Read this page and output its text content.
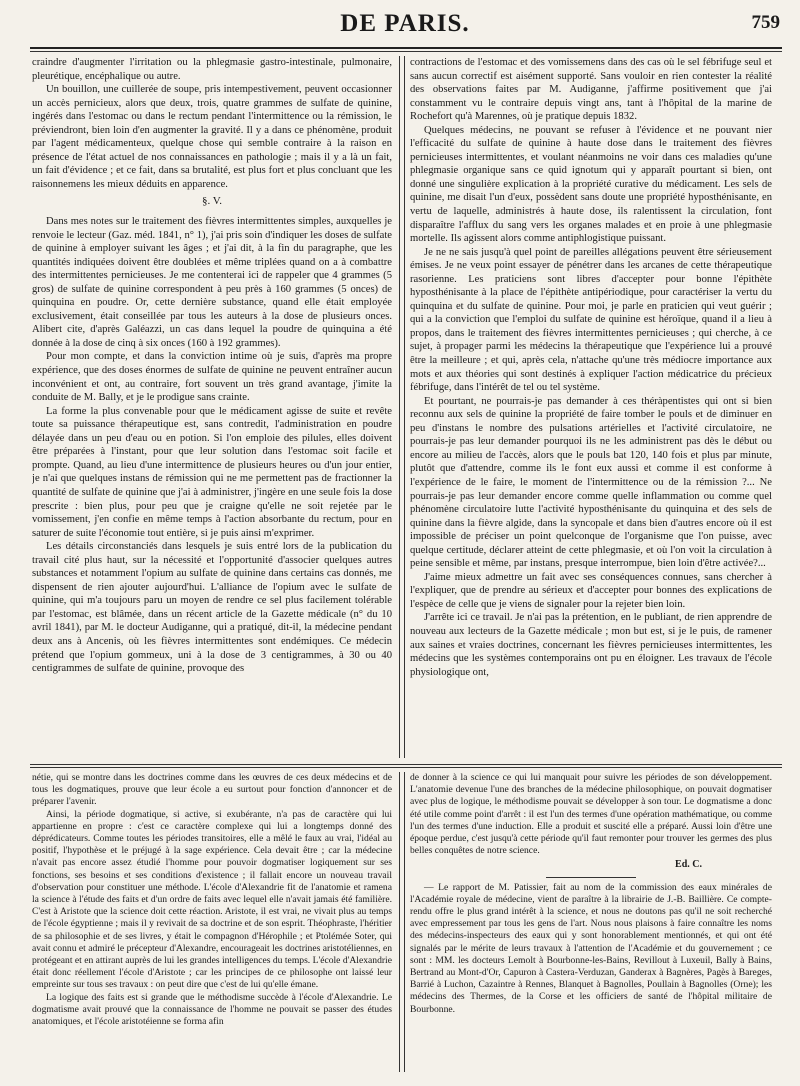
DE PARIS.	759

craindre d'augmenter l'irritation ou la phlegmasie gastro-intestinale, pulmonaire, pleurétique, encéphalique ou autre.

Un bouillon, une cuillerée de soupe, pris intempestivement, peuvent occasionner un accès pernicieux, alors que deux, trois, quatre grammes de sulfate de quinine, ingérés dans l'estomac ou dans le rectum pendant l'intermittence ou la rémission, le préviendront, bien loin d'en augmenter la gravité. Il y a dans ce phénomène, produit par l'agent médicamenteux, quelque chose qui semble contraire à la raison en présence de l'état actuel de nos connaissances en pathologie ; mais il y a là un fait, un fait d'évidence ; et ce fait, dans sa brutalité, est plus fort et plus concluant que les raisonnemens les mieux déduits en apparence.

§. V.

Dans mes notes sur le traitement des fièvres intermittentes simples, auxquelles je renvoie le lecteur (Gaz. méd. 1841, n° 1), j'ai pris soin d'indiquer les doses de sulfate de quinine à employer suivant les âges ; et j'ai dit, à la fin du paragraphe, que les quantités indiquées doivent être doublées et même triplées quand on a à combattre des intermittentes pernicieuses. Je me contenterai ici de rappeler que 4 grammes (5 gros) de sulfate de quinine correspondent à peu près à 160 grammes (5 onces) de quinquina en poudre. Or, cette dernière substance, quand elle était employée exclusivement, était conseillée par tous les auteurs à la dose de plusieurs onces. Alibert cite, d'après Galéazzi, un cas dans lequel la poudre de quinquina a été donnée à la dose de cinq à six onces (160 à 192 grammes).

Pour mon compte, et dans la conviction intime où je suis, d'après ma propre expérience, que des doses énormes de sulfate de quinine ne peuvent entraîner aucun inconvénient et ont, au contraire, fort souvent un très grand avantage, j'imite la conduite de M. Bally, et je le prodigue sans crainte.

La forme la plus convenable pour que le médicament agisse de suite et revête toute sa puissance thérapeutique est, sans contredit, l'administration en poudre délayée dans un peu d'eau ou en potion. Si l'on emploie des pilules, elles doivent être préparées à l'instant, pour que leur solution dans l'estomac soit facile et prompte. Quand, au lieu d'une intermittence de plusieurs heures ou d'un jour entier, je n'ai que quelques instans de rémission qui ne me permettent pas de fractionner la quantité de sulfate de quinine que j'ai à administrer, j'ingère en une seule fois la dose prescrite : bien plus, pour peu que je craigne qu'elle ne soit rejetée par le vomissement, j'en confie en même temps à l'action absorbante du rectum, pour en saturer de suite l'économie tout entière, si je puis ainsi m'exprimer.

Les détails circonstanciés dans lesquels je suis entré lors de la publication du travail cité plus haut, sur la nécessité et l'opportunité d'associer quelques autres substances et notamment l'opium au sulfate de quinine dans certains cas donnés, me dispensent de rien ajouter aujourd'hui. L'alliance de l'opium avec le sulfate de quinine, qui m'a toujours paru un moyen de rendre ce sel plus facilement tolérable par l'estomac, est blâmée, dans un récent article de la Gazette médicale (n° du 10 avril 1841), par M. le docteur Audiganne, qui a pratiqué, dit-il, la médecine pendant deux ans à Ancenis, où les fièvres intermittentes sont endémiques. Ce médecin prétend que l'opium gommeux, uni à la dose de 3 centigrammes, à 30 ou 40 centigrammes de sulfate de quinine, provoque des

contractions de l'estomac et des vomissemens dans des cas où le sel fébrifuge seul et sans aucun correctif est aisément supporté. Sans vouloir en rien contester la réalité des observations faites par M. Audiganne, j'affirme positivement que j'ai constamment vu le contraire depuis vingt ans, tant à l'hôpital de la marine de Rochefort qu'à Marennes, où je pratique depuis 1832.

Quelques médecins, ne pouvant se refuser à l'évidence et ne pouvant nier l'efficacité du sulfate de quinine à haute dose dans le traitement des fièvres pernicieuses intermittentes, et voulant néanmoins ne voir dans ces maladies qu'une phlegmasie organique sans ce quid ignotum qui y apparaît pourtant si bien, ont donné une singulière explication à la propriété curative du médicament. Les sels de quinine, me disait l'un d'eux, possèdent sans doute une propriété hyposthénisante, en vertu de laquelle, administrés à haute dose, ils ralentissent la circulation, font disparaître l'afflux du sang vers les organes malades et en proie à une phlegmasie mortelle. Ils agissent alors comme antiphlogistique puissant.

Je ne ne sais jusqu'à quel point de pareilles allégations peuvent être sérieusement émises. Je ne veux point essayer de pénétrer dans les arcanes de cette thérapeutique rasorienne. Les praticiens sont libres d'accepter pour bonne l'épithète hyposthénisante à la place de l'épithète antipériodique, pour caractériser la vertu du quinquina et du sulfate de quinine. Pour moi, je parle en praticien qui veut guérir ; qui a la conviction que l'emploi du sulfate de quinine est héroïque, quand il a lieu à propos, dans le traitement des fièvres intermittentes pernicieuses ; qui cherche, à ce sujet, à propager parmi les médecins la thérapeutique que l'expérience lui a prouvé être la meilleure ; et qui, après cela, n'attache qu'une très médiocre importance aux mots et aux théories qui sont destinés à expliquer l'action médicatrice du précieux fébrifuge, dans l'intérêt de tel ou tel système.

Et pourtant, ne pourrais-je pas demander à ces théràpentistes qui ont si bien reconnu aux sels de quinine la propriété de faire tomber le pouls et de diminuer en peu d'instans le nombre des pulsations artérielles et l'activité circulatoire, ne pourrais-je pas leur demander pourquoi ils ne les administrent pas dès le début ou encore au milieu de l'accès, alors que le pouls bat 120, 140 fois et plus par minute, plutôt que d'attendre, comme ils le font eux aussi et comme il est conforme à l'expérience de le faire, le moment de l'intermittence ou de la rémission ?... Ne pourrais-je pas leur demander encore comme quelle inflammation ou comme quel phénomène circulatoire lutte l'activité hyposthénisante du quinquina et des sels de quinine dans la fièvre algide, dans la syncopale et dans bien d'autres encore où il est impossible de préciser un point quelconque de l'organisme que l'on puisse, avec quelque certitude, déclarer atteint de cette phlegmasie, et où l'on voit la circulation à peine sensible et même, par instans, presque interrompue, bien loin d'être activée?...

J'aime mieux admettre un fait avec ses conséquences connues, sans chercher à l'expliquer, que de prendre au sérieux et d'accepter pour bonnes des explications de l'espèce de celle que je viens de signaler pour la rejeter bien loin.

J'arrête ici ce travail. Je n'ai pas la prétention, en le publiant, de rien apprendre de nouveau aux lecteurs de la Gazette médicale ; mon but est, si je le puis, de ramener aux saines et vraies doctrines, concernant les fièvres pernicieuses intermittentes, les médecins que les systèmes contemporains ont pu en éloigner. Les travaux de l'école physiologique ont,

nétie, qui se montre dans les doctrines comme dans les œuvres de ces deux médecins et de tous les dogmatiques, prouve que leur école a eu surtout pour fonction d'annoncer et de préparer l'avenir.

Ainsi, la période dogmatique, si active, si exubérante, n'a pas de caractère qui lui appartienne en propre : c'est ce caractère complexe qui lui a longtemps donné des déprédicateurs. Comme toutes les périodes transitoires, elle a mêlé le faux au vrai, l'idéal au positif, l'hypothèse et le préjugé à la sage expérience. Cela devait être ; car la médecine n'avait pas encore assez étudié l'homme pour pouvoir dogmatiser logiquement sur ses fonctions, ses besoins et ses conditions d'existence ; il fallait encore un nouveau travail d'observation pour constituer une méthode. L'école d'Alexandrie fit de l'anatomie et ramena la science à l'étude des faits et d'un ordre de faits avec lequel elle n'avait jamais été familière. C'est à Aristote que la science doit cette réaction. Aristote, il est vrai, ne vivait plus au temps de l'école égyptienne ; mais il y revivait de sa doctrine et de son esprit. Théophraste, l'héritier de sa philosophie et de ses livres, y était le compagnon d'Hérophile ; et Ptolémée Soter, qui avait connu et admiré le précepteur d'Alexandre, encourageait les doctrines aristotéliennes, en protégeant et en attirant auprès de lui les grandes intelligences du temps. L'école d'Alexandrie était donc réellement l'école d'Aristote ; car les principes de ce philosophe ont laissé leur empreinte sur tous ses travaux : on peut dire que c'est de lui qu'elle émane.

La logique des faits est si grande que le méthodisme succède à l'école d'Alexandrie. Le dogmatisme avait prouvé que la connaissance de l'homme ne pouvait se passer des études anatomiques, et l'école aristotéienne se forma afin

de donner à la science ce qui lui manquait pour suivre les périodes de son développement. L'anatomie devenue l'une des branches de la médecine philosophique, on pouvait dogmatiser avec plus de logique, le méthodisme pouvait se développer à son tour. Le dogmatisme a donc été utile comme point d'arrêt : il est l'un des termes d'une opération mathématique, ou comme l'un des termes d'une induction. Elle a produit et suscité elle a préparé. Aussi loin d'être une époque perdue, c'est jusqu'à cette période qu'il faut remonter pour trouver les germes des plus belles conquêtes de notre science.

Ed. C.

— Le rapport de M. Patissier, fait au nom de la commission des eaux minérales de l'Académie royale de médecine, vient de paraître à la librairie de J.-B. Baillière. Ce compte-rendu offre le plus grand intérêt à la science, et nous ne doutons pas qu'il ne soit recherché avec empressement par tous les gens de l'art. Nous nous plaisons à faire connaître les noms des médecins-inspecteurs des eaux qui y sont honorablement mentionnés, et qui ont été signalés par le mérite de leurs travaux à l'attention de l'Académie et du gouvernement ; ce sont : MM. les docteurs Lemolt à Bourbonne-les-Bains, Revillout à Luxeuil, Bally à Bains, Bertrand au Mont-d'Or, Capuron à Castera-Verduzan, Ganderax à Bagnères, Pagès à Bareges, Barrié à Luchon, Cazaintre à Rennes, Blanquet à Bagnolles, Poullain à Bagnolles (Orne); les médecins des Thermes, de la Corse et les officiers de santé de l'hôpital militaire de Bourbonne.
